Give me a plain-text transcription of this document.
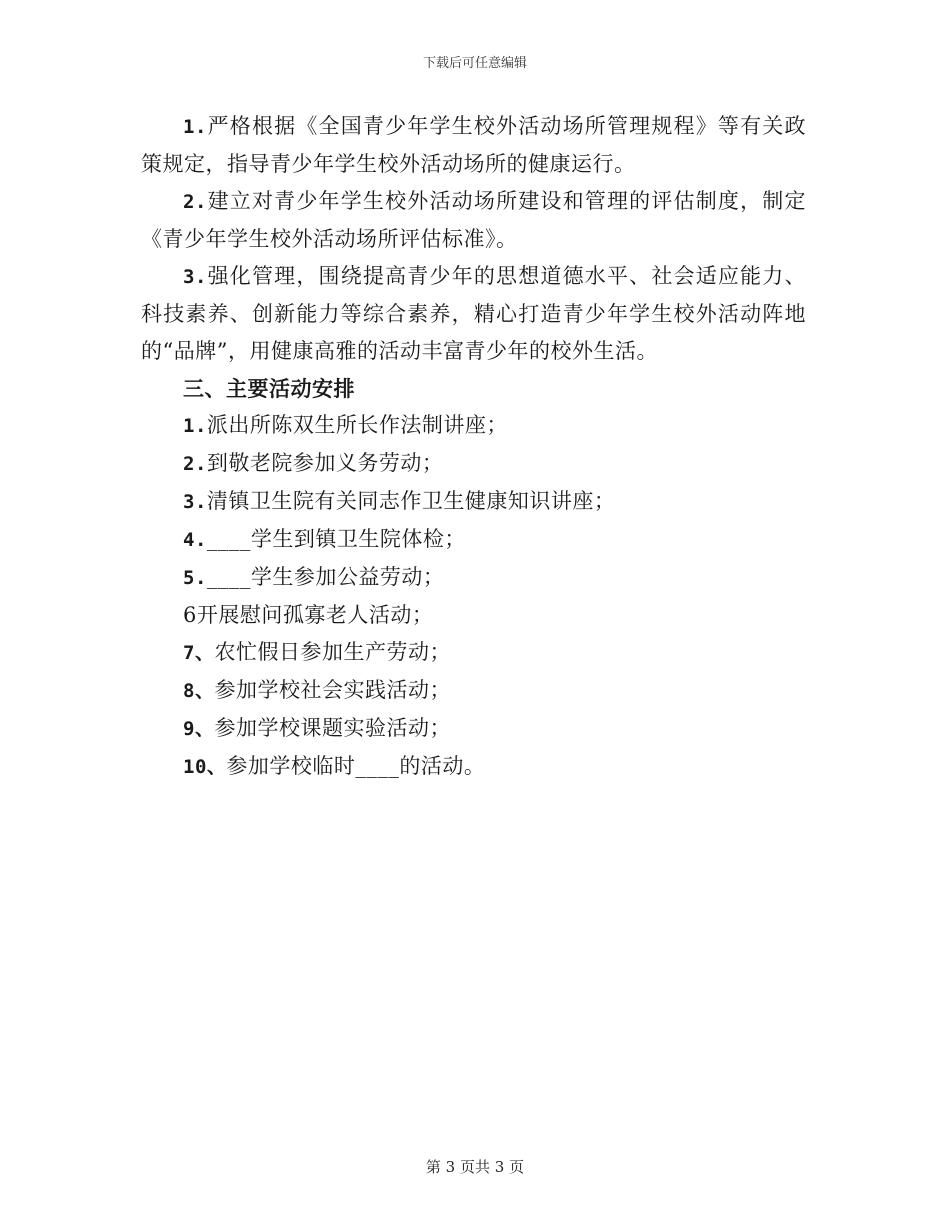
下载后可任意编辑

1.严格根据《全国青少年学生校外活动场所管理规程》等有关政策规定，指导青少年学生校外活动场所的健康运行。

2.建立对青少年学生校外活动场所建设和管理的评估制度，制定《青少年学生校外活动场所评估标准》。

3.强化管理，围绕提高青少年的思想道德水平、社会适应能力、科技素养、创新能力等综合素养，精心打造青少年学生校外活动阵地的“品牌”，用健康高雅的活动丰富青少年的校外生活。

三、主要活动安排

1.派出所陈双生所长作法制讲座；

2.到敬老院参加义务劳动；

3.清镇卫生院有关同志作卫生健康知识讲座；

4.____学生到镇卫生院体检；

5.____学生参加公益劳动；

6开展慰问孤寡老人活动；

7、农忙假日参加生产劳动；

8、参加学校社会实践活动；

9、参加学校课题实验活动；

10、参加学校临时____的活动。

第 3 页共 3 页
